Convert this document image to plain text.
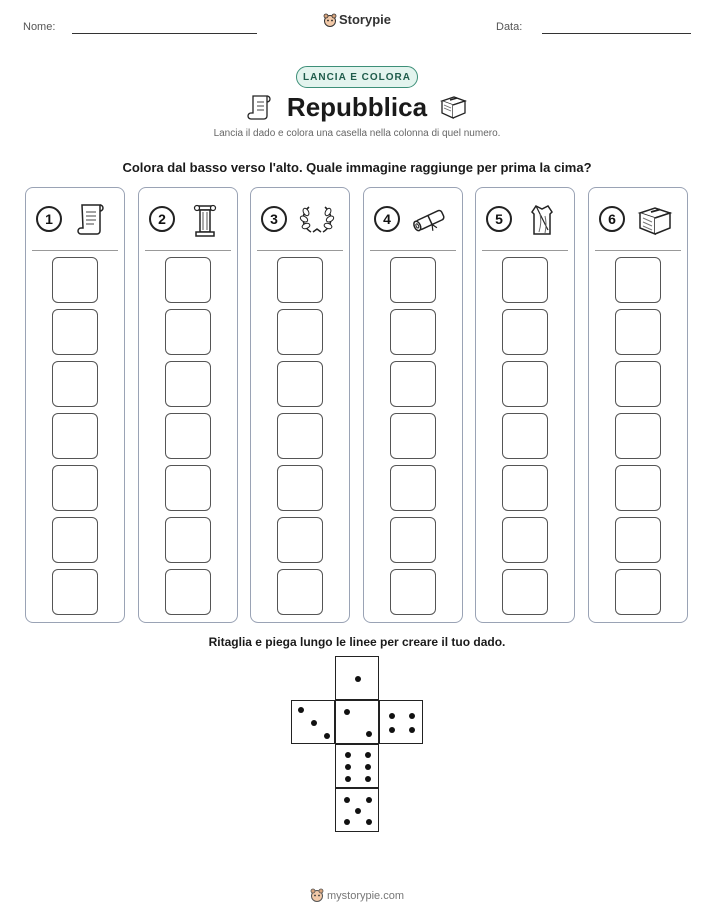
Nome:	Storypie	Data:
LANCIA E COLORA
Repubblica
Lancia il dado e colora una casella nella colonna di quel numero.
Colora dal basso verso l'alto. Quale immagine raggiunge per prima la cima?
1	2	3	4	5	6
Ritaglia e piega lungo le linee per creare il tuo dado.
mystorypie.com
